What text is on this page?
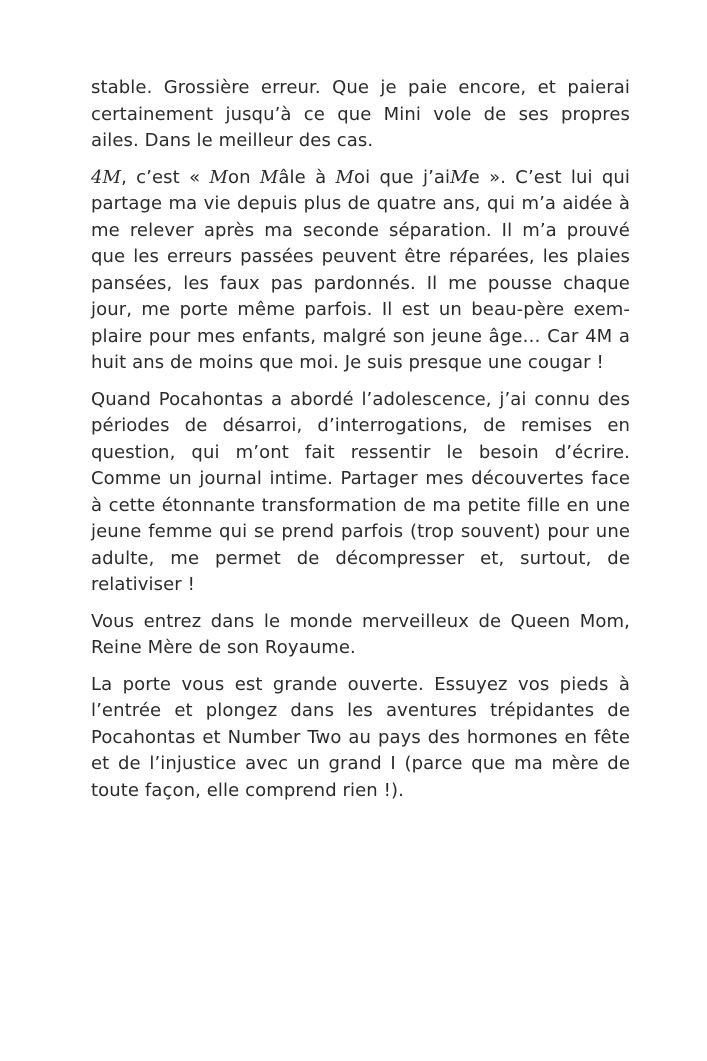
stable. Grossière erreur. Que je paie encore, et paierai certainement jusqu’à ce que Mini vole de ses propres ailes. Dans le meilleur des cas.

4M, c’est « Mon Mâle à Moi que j’aiMe ». C’est lui qui partage ma vie depuis plus de quatre ans, qui m’a aidée à me relever après ma seconde séparation. Il m’a prouvé que les erreurs passées peuvent être réparées, les plaies pansées, les faux pas pardonnés. Il me pousse chaque jour, me porte même parfois. Il est un beau-père exem-plaire pour mes enfants, malgré son jeune âge… Car 4M a huit ans de moins que moi. Je suis presque une cougar !

Quand Pocahontas a abordé l’adolescence, j’ai connu des périodes de désarroi, d’interrogations, de remises en question, qui m’ont fait ressentir le besoin d’écrire. Comme un journal intime. Partager mes découvertes face à cette étonnante transformation de ma petite fille en une jeune femme qui se prend parfois (trop souvent) pour une adulte, me permet de décompresser et, surtout, de relativiser !

Vous entrez dans le monde merveilleux de Queen Mom, Reine Mère de son Royaume.

La porte vous est grande ouverte. Essuyez vos pieds à l’entrée et plongez dans les aventures trépidantes de Pocahontas et Number Two au pays des hormones en fête et de l’injustice avec un grand I (parce que ma mère de toute façon, elle comprend rien !).
